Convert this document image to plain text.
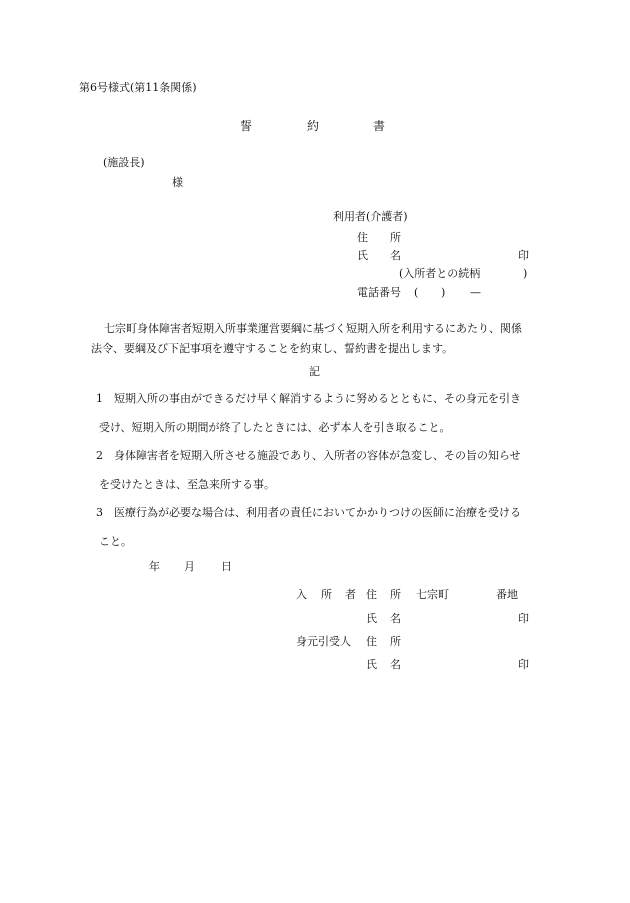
第6号様式(第11条関係)
誓	約	書
(施設長)
様
利用者(介護者)
住 所
氏 名	印
(入所者との続柄	)
電話番号 ( ) —
七宗町身体障害者短期入所事業運営要綱に基づく短期入所を利用するにあたり、関係
法令、要綱及び下記事項を遵守することを約束し、誓約書を提出します。
記
1 短期入所の事由ができるだけ早く解消するように努めるとともに、その身元を引き
受け、短期入所の期間が終了したときには、必ず本人を引き取ること。
2 身体障害者を短期入所させる施設であり、入所者の容体が急変し、その旨の知らせ
を受けたときは、至急来所する事。
3 医療行為が必要な場合は、利用者の責任においてかかりつけの医師に治療を受ける
こと。
年 月 日
入 所 者 住 所 七宗町	番地
氏 名	印
身元引受人 住 所
氏 名	印
